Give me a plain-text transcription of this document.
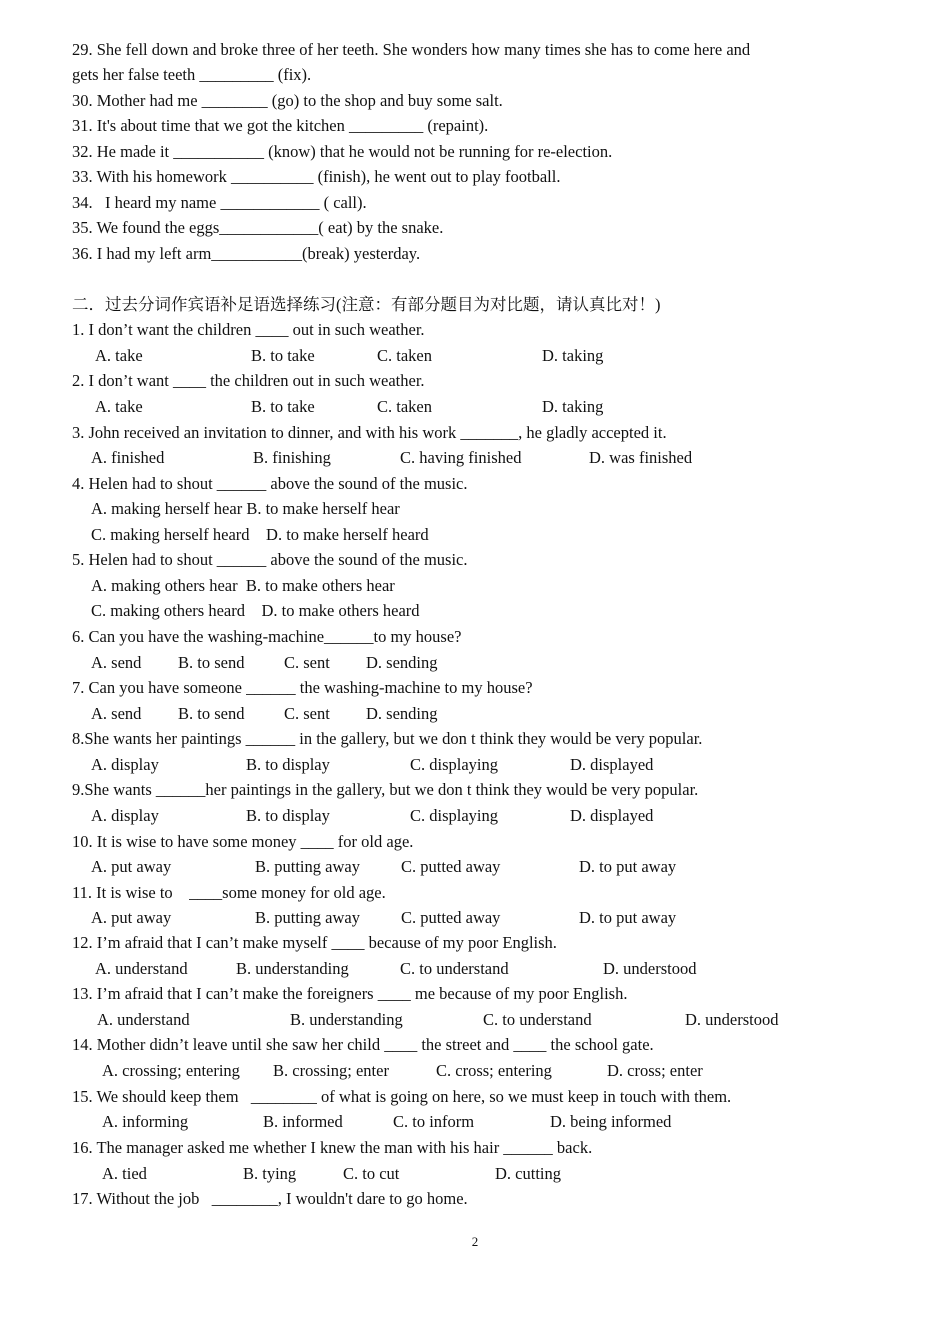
29. She fell down and broke three of her teeth. She wonders how many times she has to come here and
gets her false teeth _________ (fix).
30. Mother had me ________ (go) to the shop and buy some salt.
31. It's about time that we got the kitchen _________ (repaint).
32. He made it ___________ (know) that he would not be running for re-election.
33. With his homework __________ (finish), he went out to play football.
34.   I heard my name ____________ ( call).
35. We found the eggs____________( eat) by the snake.
36. I had my left arm___________(break) yesterday.
二．过去分词作宾语补足语选择练习(注意：有部分题目为对比题，请认真比对！)
1. I don’t want the children ____ out in such weather.

A. take

	B. to take

	C. taken

	D. taking

2. I don’t want ____ the children out in such weather.

A. take

	B. to take

	C. taken

	D. taking

3. John received an invitation to dinner, and with his work _______, he gladly accepted it.

A. finished

	B. finishing

	C. having finished

	D. was finished

4. Helen had to shout ______ above the sound of the music.
A. making herself hear B. to make herself hear
C. making herself heard    D. to make herself heard
5. Helen had to shout ______ above the sound of the music.
A. making others hear  B. to make others hear
C. making others heard    D. to make others heard
6. Can you have the washing-machine______to my house?

A. send

B. to send

C. sent

D. sending

7. Can you have someone ______ the washing-machine to my house?

A. send

B. to send

C. sent

D. sending

8.She wants her paintings ______ in the gallery, but we don t think they would be very popular.

A. display

	B. to display

	C. displaying

	D. displayed

9.She wants ______her paintings in the gallery, but we don t think they would be very popular.

A. display

	B. to display

	C. displaying

	D. displayed

10. It is wise to have some money ____ for old age.

A. put away

	B. putting away

C. putted away

	D. to put away

11. It is wise to    ____some money for old age.

A. put away

	B. putting away

C. putted away

	D. to put away

12. I’m afraid that I can’t make myself ____ because of my poor English.

A. understand

	B. understanding

	C. to understand

	D. understood

13. I’m afraid that I can’t make the foreigners ____ me because of my poor English.

A. understand

	B. understanding

	C. to understand

	D. understood

14. Mother didn’t leave until she saw her child ____ the street and ____ the school gate.

A. crossing; entering

B. crossing; enter

	C. cross; entering

	D. cross; enter

15. We should keep them   ________ of what is going on here, so we must keep in touch with them.

A. informing

	B. informed

	C. to inform

	D. being informed

16. The manager asked me whether I knew the man with his hair ______ back.

A. tied

	B. tying

	C. to cut

	D. cutting

17. Without the job   ________, I wouldn't dare to go home.
2
